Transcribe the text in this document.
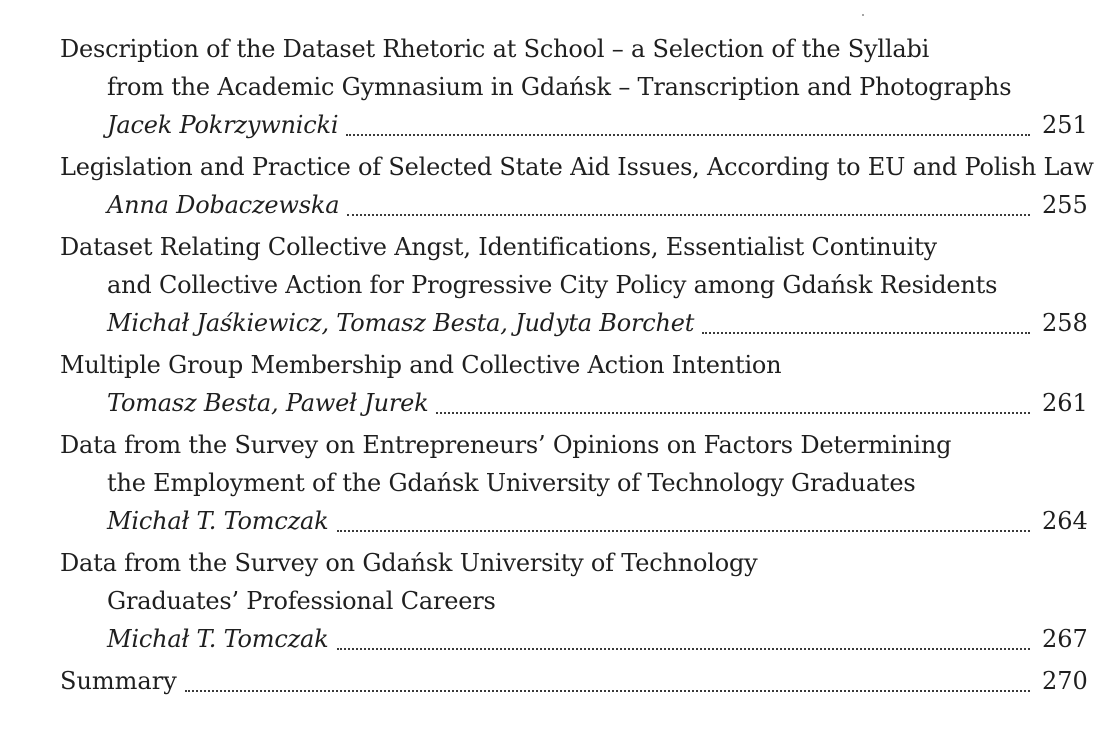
Description of the Dataset Rhetoric at School – a Selection of the Syllabi
from the Academic Gymnasium in Gdańsk – Transcription and Photographs
Jacek Pokrzywnicki	251
Legislation and Practice of Selected State Aid Issues, According to EU and Polish Law
Anna Dobaczewska	255
Dataset Relating Collective Angst, Identifications, Essentialist Continuity
and Collective Action for Progressive City Policy among Gdańsk Residents
Michał Jaśkiewicz, Tomasz Besta, Judyta Borchet	258
Multiple Group Membership and Collective Action Intention
Tomasz Besta, Paweł Jurek	261
Data from the Survey on Entrepreneurs’ Opinions on Factors Determining
the Employment of the Gdańsk University of Technology Graduates
Michał T. Tomczak	264
Data from the Survey on Gdańsk University of Technology
Graduates’ Professional Careers
Michał T. Tomczak	267
Summary	270
